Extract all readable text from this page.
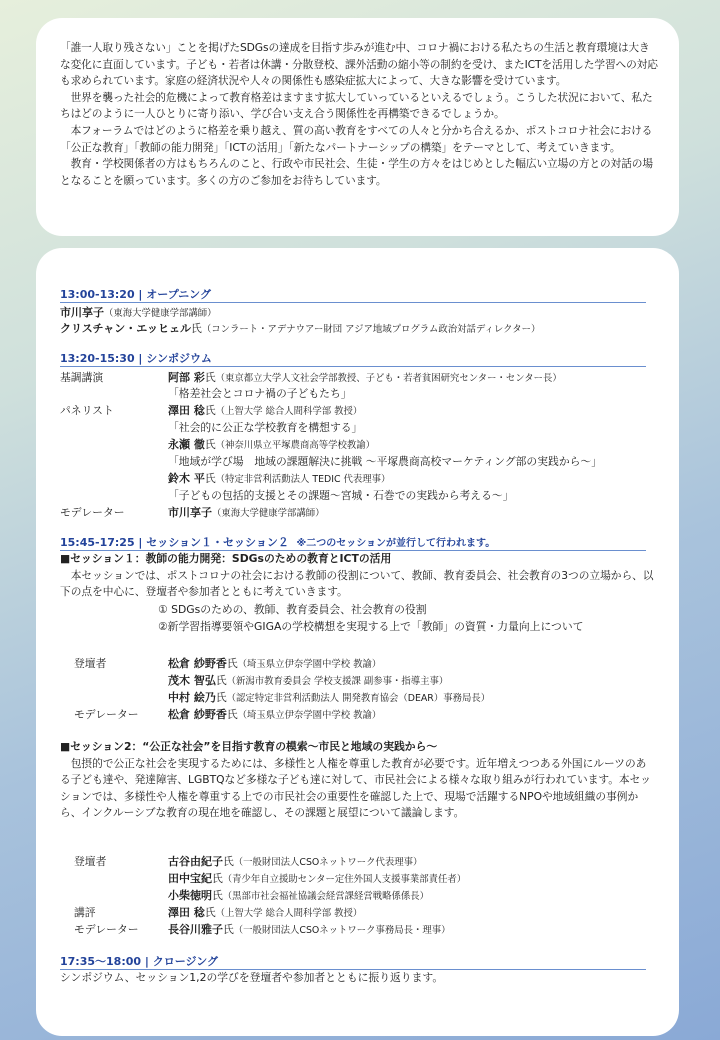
「誰一人取り残さない」ことを掲げたSDGsの達成を目指す歩みが進む中、コロナ禍における私たちの生活と教育環境は大きな変化に直面しています。子ども・若者は休講・分散登校、課外活動の縮小等の制約を受け、またICTを活用した学習への対応も求められています。家庭の経済状況や人々の関係性も感染症拡大によって、大きな影響を受けています。

　世界を襲った社会的危機によって教育格差はますます拡大していっているといえるでしょう。こうした状況において、私たちはどのように一人ひとりに寄り添い、学び合い支え合う関係性を再構築できるでしょうか。

　本フォーラムではどのように格差を乗り越え、質の高い教育をすべての人々と分かち合えるか、ポストコロナ社会における「公正な教育」「教師の能力開発」「ICTの活用」「新たなパートナーシップの構築」をテーマとして、考えていきます。

　教育・学校関係者の方はもちろんのこと、行政や市民社会、生徒・学生の方々をはじめとした幅広い立場の方との対話の場となることを願っています。多くの方のご参加をお待ちしています。

13:00-13:20 | オープニング
市川享子（東海大学健康学部講師）
クリスチャン・エッヒェル氏（コンラート・アデナウアー財団 アジア地域プログラム政治対話ディレクター）
13:20-15:30 | シンポジウム
基調講演	阿部 彩氏（東京都立大学人文社会学部教授、子ども・若者貧困研究センター・センター長）
「格差社会とコロナ禍の子どもたち」
パネリスト	澤田 稔氏（上智大学 総合人間科学部 教授）
「社会的に公正な学校教育を構想する」
永瀬 徹氏（神奈川県立平塚農商高等学校教諭）
「地域が学び場　地域の課題解決に挑戦 ～平塚農商高校マーケティング部の実践から～」
鈴木 平氏（特定非営利活動法人 TEDIC 代表理事）
「子どもの包括的支援とその課題～宮城・石巻での実践から考える～」
モデレーター	市川享子（東海大学健康学部講師）
15:45-17:25 | セッション１・セッション２ ※二つのセッションが並行して行われます。
■セッション１：教師の能力開発：SDGsのための教育とICTの活用

　本セッションでは、ポストコロナの社会における教師の役割について、教師、教育委員会、社会教育の3つの立場から、以下の点を中心に、登壇者や参加者とともに考えていきます。

① SDGsのための、教師、教育委員会、社会教育の役割
②新学習指導要領やGIGAの学校構想を実現する上で「教師」の資質・力量向上について
登壇者	松倉 紗野香氏（埼玉県立伊奈学園中学校 教諭）
茂木 智弘氏（新潟市教育委員会 学校支援課 副参事・指導主事）
中村 絵乃氏（認定特定非営利活動法人 開発教育協会（DEAR）事務局長）
モデレーター	松倉 紗野香氏（埼玉県立伊奈学園中学校 教諭）
■セッション2：“公正な社会”を目指す教育の模索～市民と地域の実践から～

　包摂的で公正な社会を実現するためには、多様性と人権を尊重した教育が必要です。近年増えつつある外国にルーツのある子ども達や、発達障害、LGBTQなど多様な子ども達に対して、市民社会による様々な取り組みが行われています。本セッションでは、多様性や人権を尊重する上での市民社会の重要性を確認した上で、現場で活躍するNPOや地域組織の事例から、インクルーシブな教育の現在地を確認し、その課題と展望について議論します。

登壇者	古谷由紀子氏（一般財団法人CSOネットワーク代表理事）
田中宝紀氏（青少年自立援助センター定住外国人支援事業部責任者）
小柴徳明氏（黒部市社会福祉協議会経営課経営戦略係係長）
講評	澤田 稔氏（上智大学 総合人間科学部 教授）
モデレーター	長谷川雅子氏（一般財団法人CSOネットワーク事務局長・理事）
17:35～18:00 | クロージング
シンポジウム、セッション1,2の学びを登壇者や参加者とともに振り返ります。
